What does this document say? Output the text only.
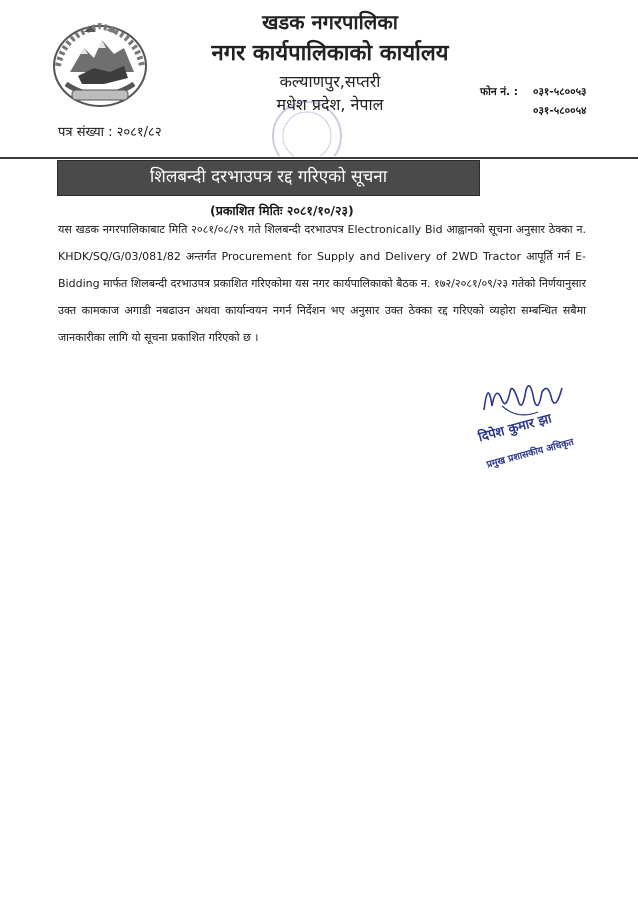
खडक नगरपालिका
नगर कार्यपालिकाको कार्यालय
कल्याणपुर,सप्तरी
मधेश प्रदेश, नेपाल
फोन नं. : ०३१-५८००५३
०३१-५८००५४
पत्र संख्या : २०८१/८२
शिलबन्दी दरभाउपत्र रद्द गरिएको सूचना
(प्रकाशित मितिः २०८१/१०/२३)
यस खडक नगरपालिकाबाट मिति २०८१/०८/२९ गते शिलबन्दी दरभाउपत्र Electronically Bid आह्वानको सूचना अनुसार ठेक्का न. KHDK/SQ/G/03/081/82 अन्तर्गत Procurement for Supply and Delivery of 2WD Tractor आपूर्ति गर्न E-Bidding मार्फत शिलबन्दी दरभाउपत्र प्रकाशित गरिएकोमा यस नगर कार्यपालिकाको बैठक न. १७२/२०८१/०९/२३ गतेको निर्णयानुसार उक्त कामकाज अगाडी नबढाउन अथवा कार्यान्वयन नगर्न निर्देशन भए अनुसार उक्त ठेक्का रद्द गरिएको व्यहोरा सम्बन्धित सबैमा जानकारीका लागि यो सूचना प्रकाशित गरिएको छ ।
दिपेश कुमार झा
प्रमुख प्रशासकीय अधिकृत
